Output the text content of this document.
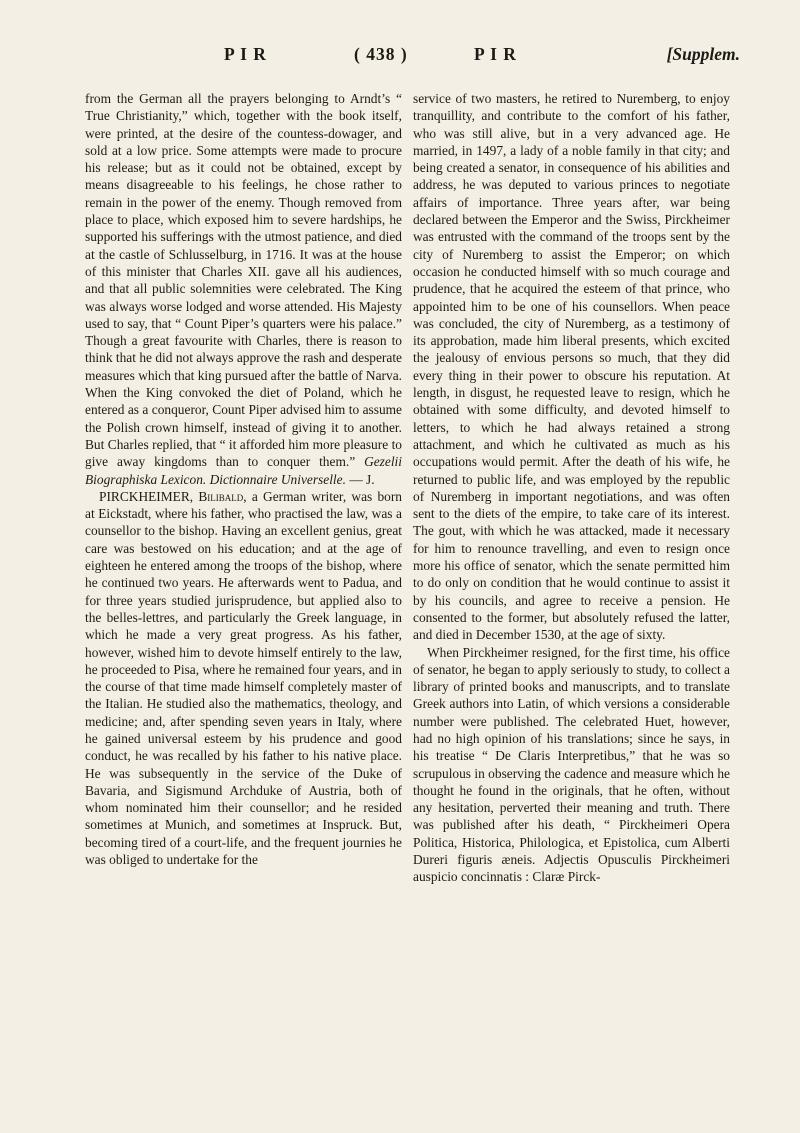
P I R	( 438 )	P I R	[Supplem.

from the German all the prayers belonging to Arndt’s “ True Christianity,” which, together with the book itself, were printed, at the desire of the countess-dowager, and sold at a low price. Some attempts were made to procure his release; but as it could not be obtained, except by means disagreeable to his feelings, he chose rather to remain in the power of the enemy. Though removed from place to place, which exposed him to severe hardships, he supported his sufferings with the utmost patience, and died at the castle of Schlusselburg, in 1716. It was at the house of this minister that Charles XII. gave all his audiences, and that all public solemnities were celebrated. The King was always worse lodged and worse attended. His Majesty used to say, that “ Count Piper’s quarters were his palace.” Though a great favourite with Charles, there is reason to think that he did not always approve the rash and desperate measures which that king pursued after the battle of Narva. When the King convoked the diet of Poland, which he entered as a conqueror, Count Piper advised him to assume the Polish crown himself, instead of giving it to another. But Charles replied, that “ it afforded him more pleasure to give away kingdoms than to conquer them.” Gezelii Biographiska Lexicon. Dictionnaire Universelle. — J.

PIRCKHEIMER, Bilibald, a German writer, was born at Eickstadt, where his father, who practised the law, was a counsellor to the bishop. Having an excellent genius, great care was bestowed on his education; and at the age of eighteen he entered among the troops of the bishop, where he continued two years. He afterwards went to Padua, and for three years studied jurisprudence, but applied also to the belles-lettres, and particularly the Greek language, in which he made a very great progress. As his father, however, wished him to devote himself entirely to the law, he proceeded to Pisa, where he remained four years, and in the course of that time made himself completely master of the Italian. He studied also the mathematics, theology, and medicine; and, after spending seven years in Italy, where he gained universal esteem by his prudence and good conduct, he was recalled by his father to his native place. He was subsequently in the service of the Duke of Bavaria, and Sigismund Archduke of Austria, both of whom nominated him their counsellor; and he resided sometimes at Munich, and sometimes at Inspruck. But, becoming tired of a court-life, and the frequent journies he was obliged to undertake for the

service of two masters, he retired to Nuremberg, to enjoy tranquillity, and contribute to the comfort of his father, who was still alive, but in a very advanced age. He married, in 1497, a lady of a noble family in that city; and being created a senator, in consequence of his abilities and address, he was deputed to various princes to negotiate affairs of importance. Three years after, war being declared between the Emperor and the Swiss, Pirckheimer was entrusted with the command of the troops sent by the city of Nuremberg to assist the Emperor; on which occasion he conducted himself with so much courage and prudence, that he acquired the esteem of that prince, who appointed him to be one of his counsellors. When peace was concluded, the city of Nuremberg, as a testimony of its approbation, made him liberal presents, which excited the jealousy of envious persons so much, that they did every thing in their power to obscure his reputation. At length, in disgust, he requested leave to resign, which he obtained with some difficulty, and devoted himself to letters, to which he had always retained a strong attachment, and which he cultivated as much as his occupations would permit. After the death of his wife, he returned to public life, and was employed by the republic of Nuremberg in important negotiations, and was often sent to the diets of the empire, to take care of its interest. The gout, with which he was attacked, made it necessary for him to renounce travelling, and even to resign once more his office of senator, which the senate permitted him to do only on condition that he would continue to assist it by his councils, and agree to receive a pension. He consented to the former, but absolutely refused the latter, and died in December 1530, at the age of sixty.

When Pirckheimer resigned, for the first time, his office of senator, he began to apply seriously to study, to collect a library of printed books and manuscripts, and to translate Greek authors into Latin, of which versions a considerable number were published. The celebrated Huet, however, had no high opinion of his translations; since he says, in his treatise “ De Claris Interpretibus,” that he was so scrupulous in observing the cadence and measure which he thought he found in the originals, that he often, without any hesitation, perverted their meaning and truth. There was published after his death, “ Pirckheimeri Opera Politica, Historica, Philologica, et Epistolica, cum Alberti Dureri figuris æneis. Adjectis Opusculis Pirckheimeri auspicio concinnatis : Claræ Pirck-
